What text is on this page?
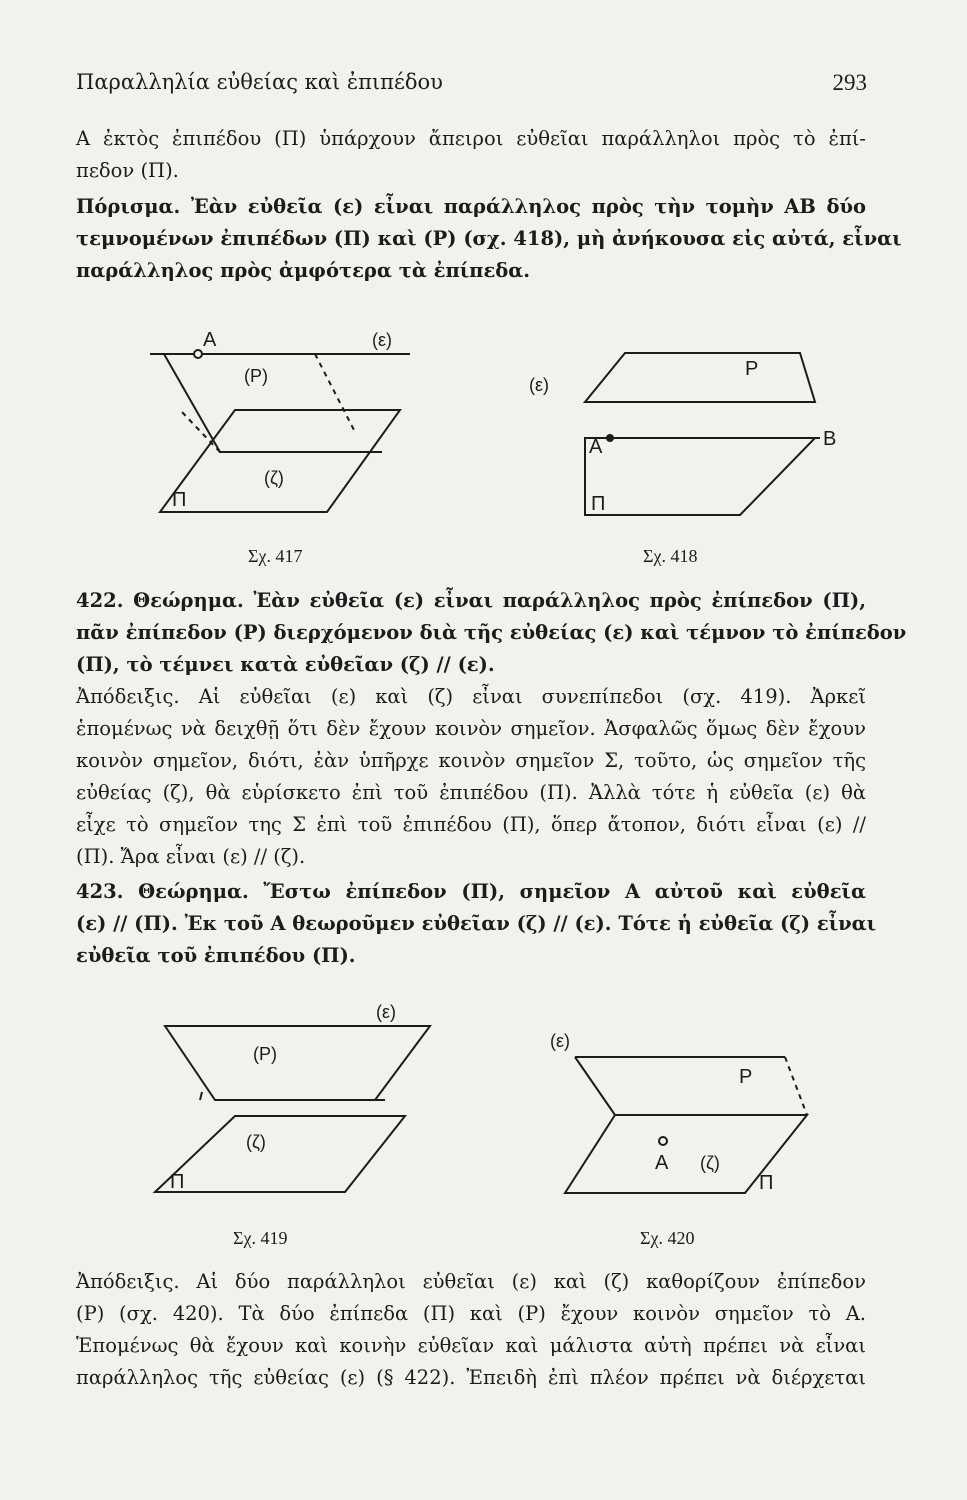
Παραλληλία εὐθείας καὶ ἐπιπέδου	293
Α ἐκτὸς ἐπιπέδου (Π) ὑπάρχουν ἄπειροι εὐθεῖαι παράλληλοι πρὸς τὸ ἐπί-
πεδον (Π).
Πόρισμα. Ἐὰν εὐθεῖα (ε) εἶναι παράλληλος πρὸς τὴν τομὴν ΑΒ δύο
τεμνομένων ἐπιπέδων (Π) καὶ (Ρ) (σχ. 418), μὴ ἀνήκουσα εἰς αὐτά, εἶναι
παράλληλος πρὸς ἀμφότερα τὰ ἐπίπεδα.
A	(ε)
(P)
(ζ)
Π
Σχ. 417
P
(ε)
A	B
Π
Σχ. 418
422. Θεώρημα. Ἐὰν εὐθεῖα (ε) εἶναι παράλληλος πρὸς ἐπίπεδον (Π),
πᾶν ἐπίπεδον (Ρ) διερχόμενον διὰ τῆς εὐθείας (ε) καὶ τέμνον τὸ ἐπίπεδον
(Π), τὸ τέμνει κατὰ εὐθεῖαν (ζ) // (ε).
Ἀπόδειξις. Αἱ εὐθεῖαι (ε) καὶ (ζ) εἶναι συνεπίπεδοι (σχ. 419). Ἀρκεῖ
ἑπομένως νὰ δειχθῇ ὅτι δὲν ἔχουν κοινὸν σημεῖον. Ἀσφαλῶς ὅμως δὲν ἔχουν
κοινὸν σημεῖον, διότι, ἐὰν ὑπῆρχε κοινὸν σημεῖον Σ, τοῦτο, ὡς σημεῖον τῆς
εὐθείας (ζ), θὰ εὑρίσκετο ἐπὶ τοῦ ἐπιπέδου (Π). Ἀλλὰ τότε ἡ εὐθεῖα (ε) θὰ
εἶχε τὸ σημεῖον της Σ ἐπὶ τοῦ ἐπιπέδου (Π), ὅπερ ἄτοπον, διότι εἶναι (ε) //
(Π). Ἄρα εἶναι (ε) // (ζ).
423. Θεώρημα. Ἔστω ἐπίπεδον (Π), σημεῖον Α αὐτοῦ καὶ εὐθεῖα
(ε) // (Π). Ἐκ τοῦ Α θεωροῦμεν εὐθεῖαν (ζ) // (ε). Τότε ἡ εὐθεῖα (ζ) εἶναι
εὐθεῖα τοῦ ἐπιπέδου (Π).
(ε)
(P)
(ζ)
Π
Σχ. 419
(ε)
P
A (ζ)
Π
Σχ. 420
Ἀπόδειξις. Αἱ δύο παράλληλοι εὐθεῖαι (ε) καὶ (ζ) καθορίζουν ἐπίπεδον
(Ρ) (σχ. 420). Τὰ δύο ἐπίπεδα (Π) καὶ (Ρ) ἔχουν κοινὸν σημεῖον τὸ Α.
Ἑπομένως θὰ ἔχουν καὶ κοινὴν εὐθεῖαν καὶ μάλιστα αὐτὴ πρέπει νὰ εἶναι
παράλληλος τῆς εὐθείας (ε) (§ 422). Ἐπειδὴ ἐπὶ πλέον πρέπει νὰ διέρχεται
